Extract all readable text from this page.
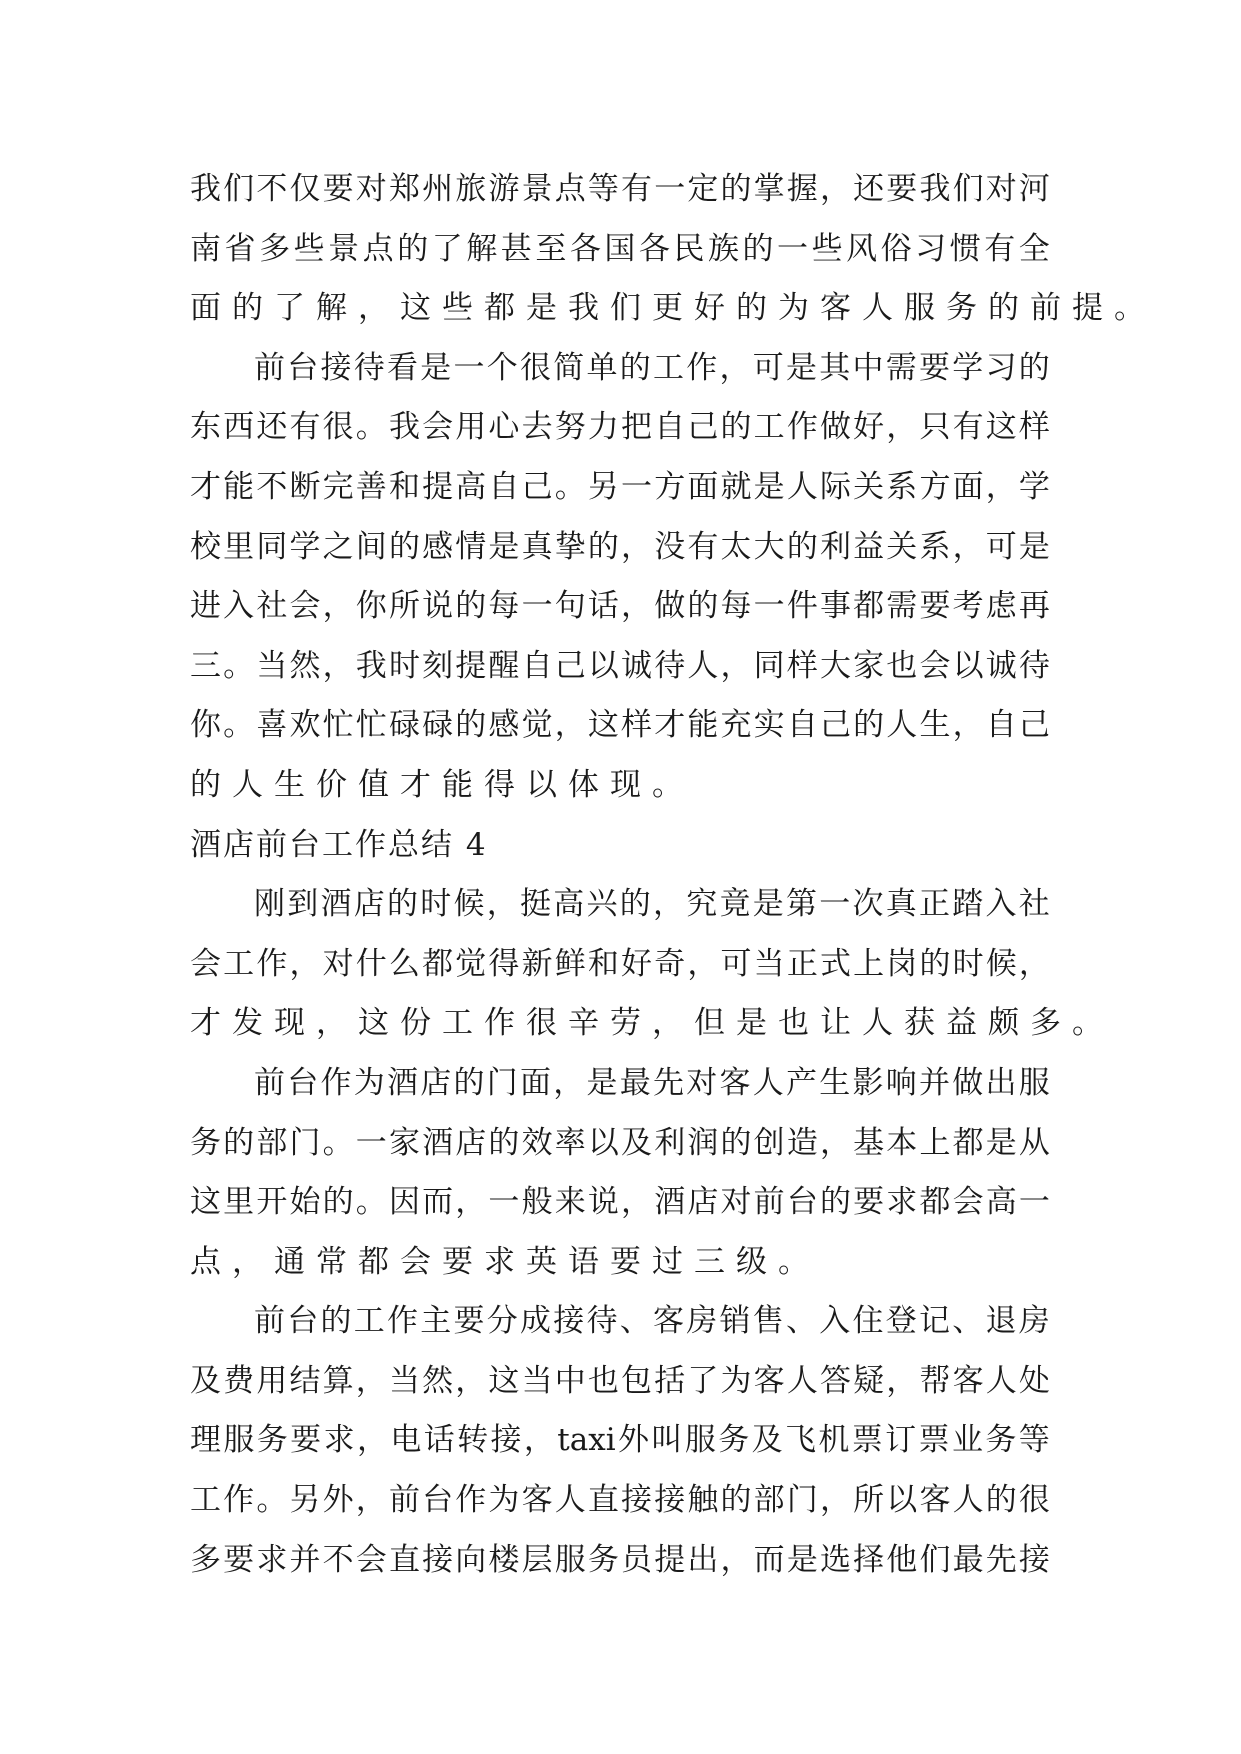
我 们 不 仅 要 对 郑 州 旅 游 景 点 等 有 一 定 的 掌 握 ， 还 要 我 们 对 河
南 省 多 些 景 点 的 了 解 甚 至 各 国 各 民 族 的 一 些 风 俗 习 惯 有 全
面的了解，这些都是我们更好的为客人服务的前提。
前 台 接 待 看 是 一 个 很 简 单 的 工 作 ， 可 是 其 中 需 要 学 习 的
东 西 还 有 很 。 我 会 用 心 去 努 力 把 自 己 的 工 作 做 好 ， 只 有 这 样
才 能 不 断 完 善 和 提 高 自 己 。 另 一 方 面 就 是 人 际 关 系 方 面 ， 学
校 里 同 学 之 间 的 感 情 是 真 挚 的 ， 没 有 太 大 的 利 益 关 系 ， 可 是
进 入 社 会 ， 你 所 说 的 每 一 句 话 ， 做 的 每 一 件 事 都 需 要 考 虑 再
三 。 当 然 ， 我 时 刻 提 醒 自 己 以 诚 待 人 ， 同 样 大 家 也 会 以 诚 待
你 。 喜 欢 忙 忙 碌 碌 的 感 觉 ， 这 样 才 能 充 实 自 己 的 人 生 ， 自 己
的人生价值才能得以体现。
酒店前台工作总结 4
刚 到 酒 店 的 时 候 ， 挺 高 兴 的 ， 究 竟 是 第 一 次 真 正 踏 入 社
会 工 作 ， 对 什 么 都 觉 得 新 鲜 和 好 奇 ， 可 当 正 式 上 岗 的 时 候 ，
才发现，这份工作很辛劳，但是也让人获益颇多。
前 台 作 为 酒 店 的 门 面 ， 是 最 先 对 客 人 产 生 影 响 并 做 出 服
务 的 部 门 。 一 家 酒 店 的 效 率 以 及 利 润 的 创 造 ， 基 本 上 都 是 从
这 里 开 始 的 。 因 而 ， 一 般 来 说 ， 酒 店 对 前 台 的 要 求 都 会 高 一
点，通常都会要求英语要过三级。
前 台 的 工 作 主 要 分 成 接 待 、 客 房 销 售 、 入 住 登 记 、 退 房
及 费 用 结 算 ， 当 然 ， 这 当 中 也 包 括 了 为 客 人 答 疑 ， 帮 客 人 处
理 服 务 要 求 ， 电 话 转 接 ， taxi 外 叫 服 务 及 飞 机 票 订 票 业 务 等
工 作 。 另 外 ， 前 台 作 为 客 人 直 接 接 触 的 部 门 ， 所 以 客 人 的 很
多 要 求 并 不 会 直 接 向 楼 层 服 务 员 提 出 ， 而 是 选 择 他 们 最 先 接
